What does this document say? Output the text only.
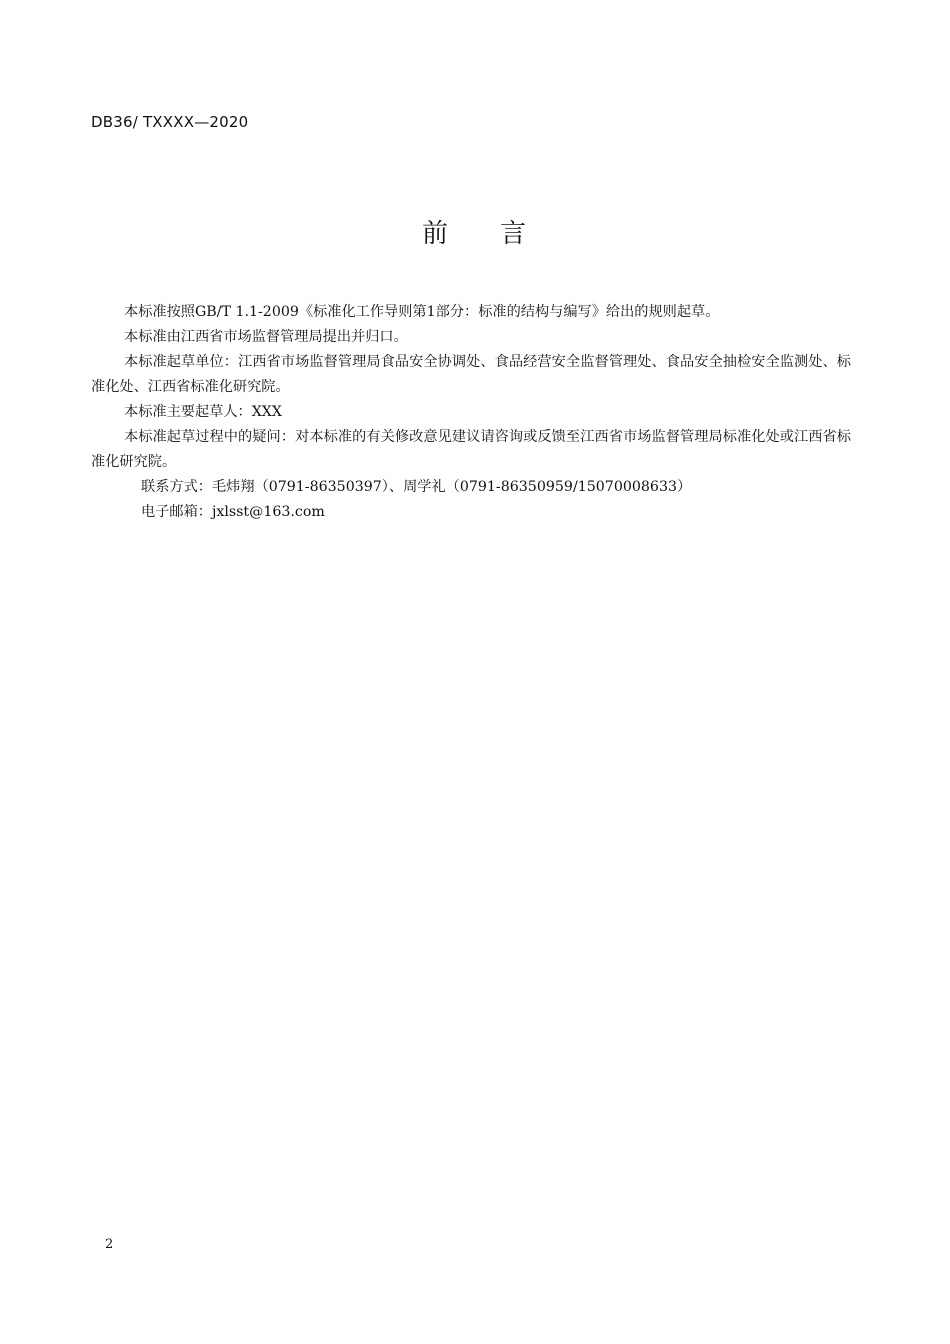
DB36/ TXXXX—2020
前 言

本标准按照GB/T 1.1-2009《标准化工作导则第1部分：标准的结构与编写》给出的规则起草。

本标准由江西省市场监督管理局提出并归口。

本标准起草单位：江西省市场监督管理局食品安全协调处、食品经营安全监督管理处、食品安全抽检安全监测处、标准化处、江西省标准化研究院。

本标准主要起草人：XXX

本标准起草过程中的疑问：对本标准的有关修改意见建议请咨询或反馈至江西省市场监督管理局标准化处或江西省标准化研究院。

联系方式：毛炜翔（0791-86350397）、周学礼（0791-86350959/15070008633）

电子邮箱：jxlsst@163.com

2
